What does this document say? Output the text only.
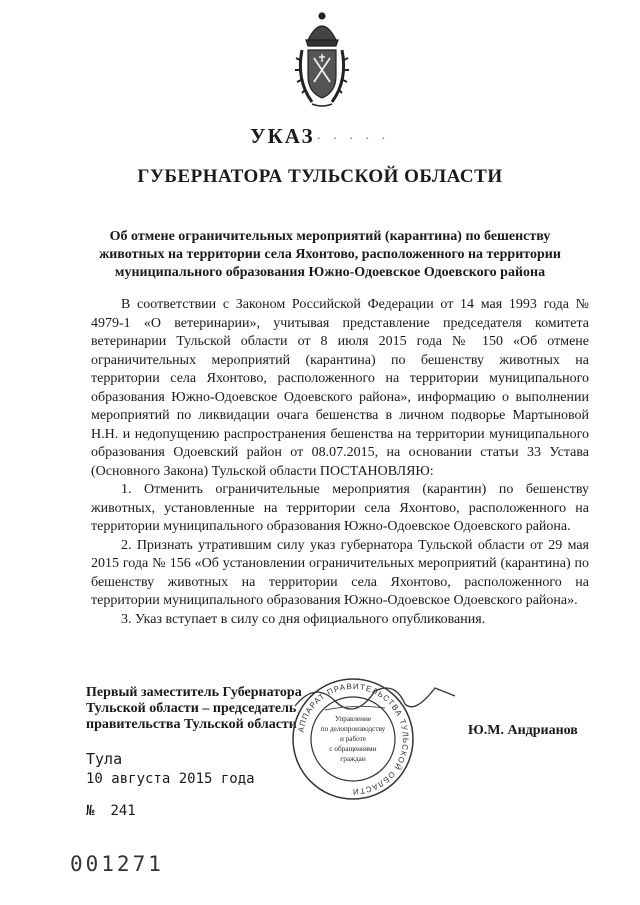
УКАЗ · · · · ·
ГУБЕРНАТОРА ТУЛЬСКОЙ ОБЛАСТИ
Об отмене ограничительных мероприятий (карантина) по бешенству
животных на территории села Яхонтово, расположенного на территории
муниципального образования Южно-Одоевское Одоевского района

В соответствии с Законом Российской Федерации от 14 мая 1993 года № 4979-1 «О ветеринарии», учитывая представление председателя комитета ветеринарии Тульской области от 8 июля 2015 года № 150 «Об отмене ограничительных мероприятий (карантина) по бешенству животных на территории села Яхонтово, расположенного на территории муниципального образования Южно-Одоевское Одоевского района», информацию о выполнении мероприятий по ликвидации очага бешенства в личном подворье Мартыновой Н.Н. и недопущению распространения бешенства на территории муниципального образования Одоевский район от 08.07.2015, на основании статьи 33 Устава (Основного Закона) Тульской области ПОСТАНОВЛЯЮ:

1. Отменить ограничительные мероприятия (карантин) по бешенству животных, установленные на территории села Яхонтово, расположенного на территории муниципального образования Южно-Одоевское Одоевского района.

2. Признать утратившим силу указ губернатора Тульской области от 29 мая 2015 года № 156 «Об установлении ограничительных мероприятий (карантина) по бешенству животных на территории села Яхонтово, расположенного на территории муниципального образования Южно-Одоевское Одоевского района».

3. Указ вступает в силу со дня официального опубликования.

Первый заместитель Губернатора
Тульской области – председатель
правительства Тульской области АППАРАТ ПРАВИТЕЛЬСТВА ТУЛЬСКОЙ ОБЛАСТИ
Управление
по делопроизводству
и работе
с обращениями
граждан
Ю.М. Андрианов
Тула
10 августа 2015 года
№ 241
001271
